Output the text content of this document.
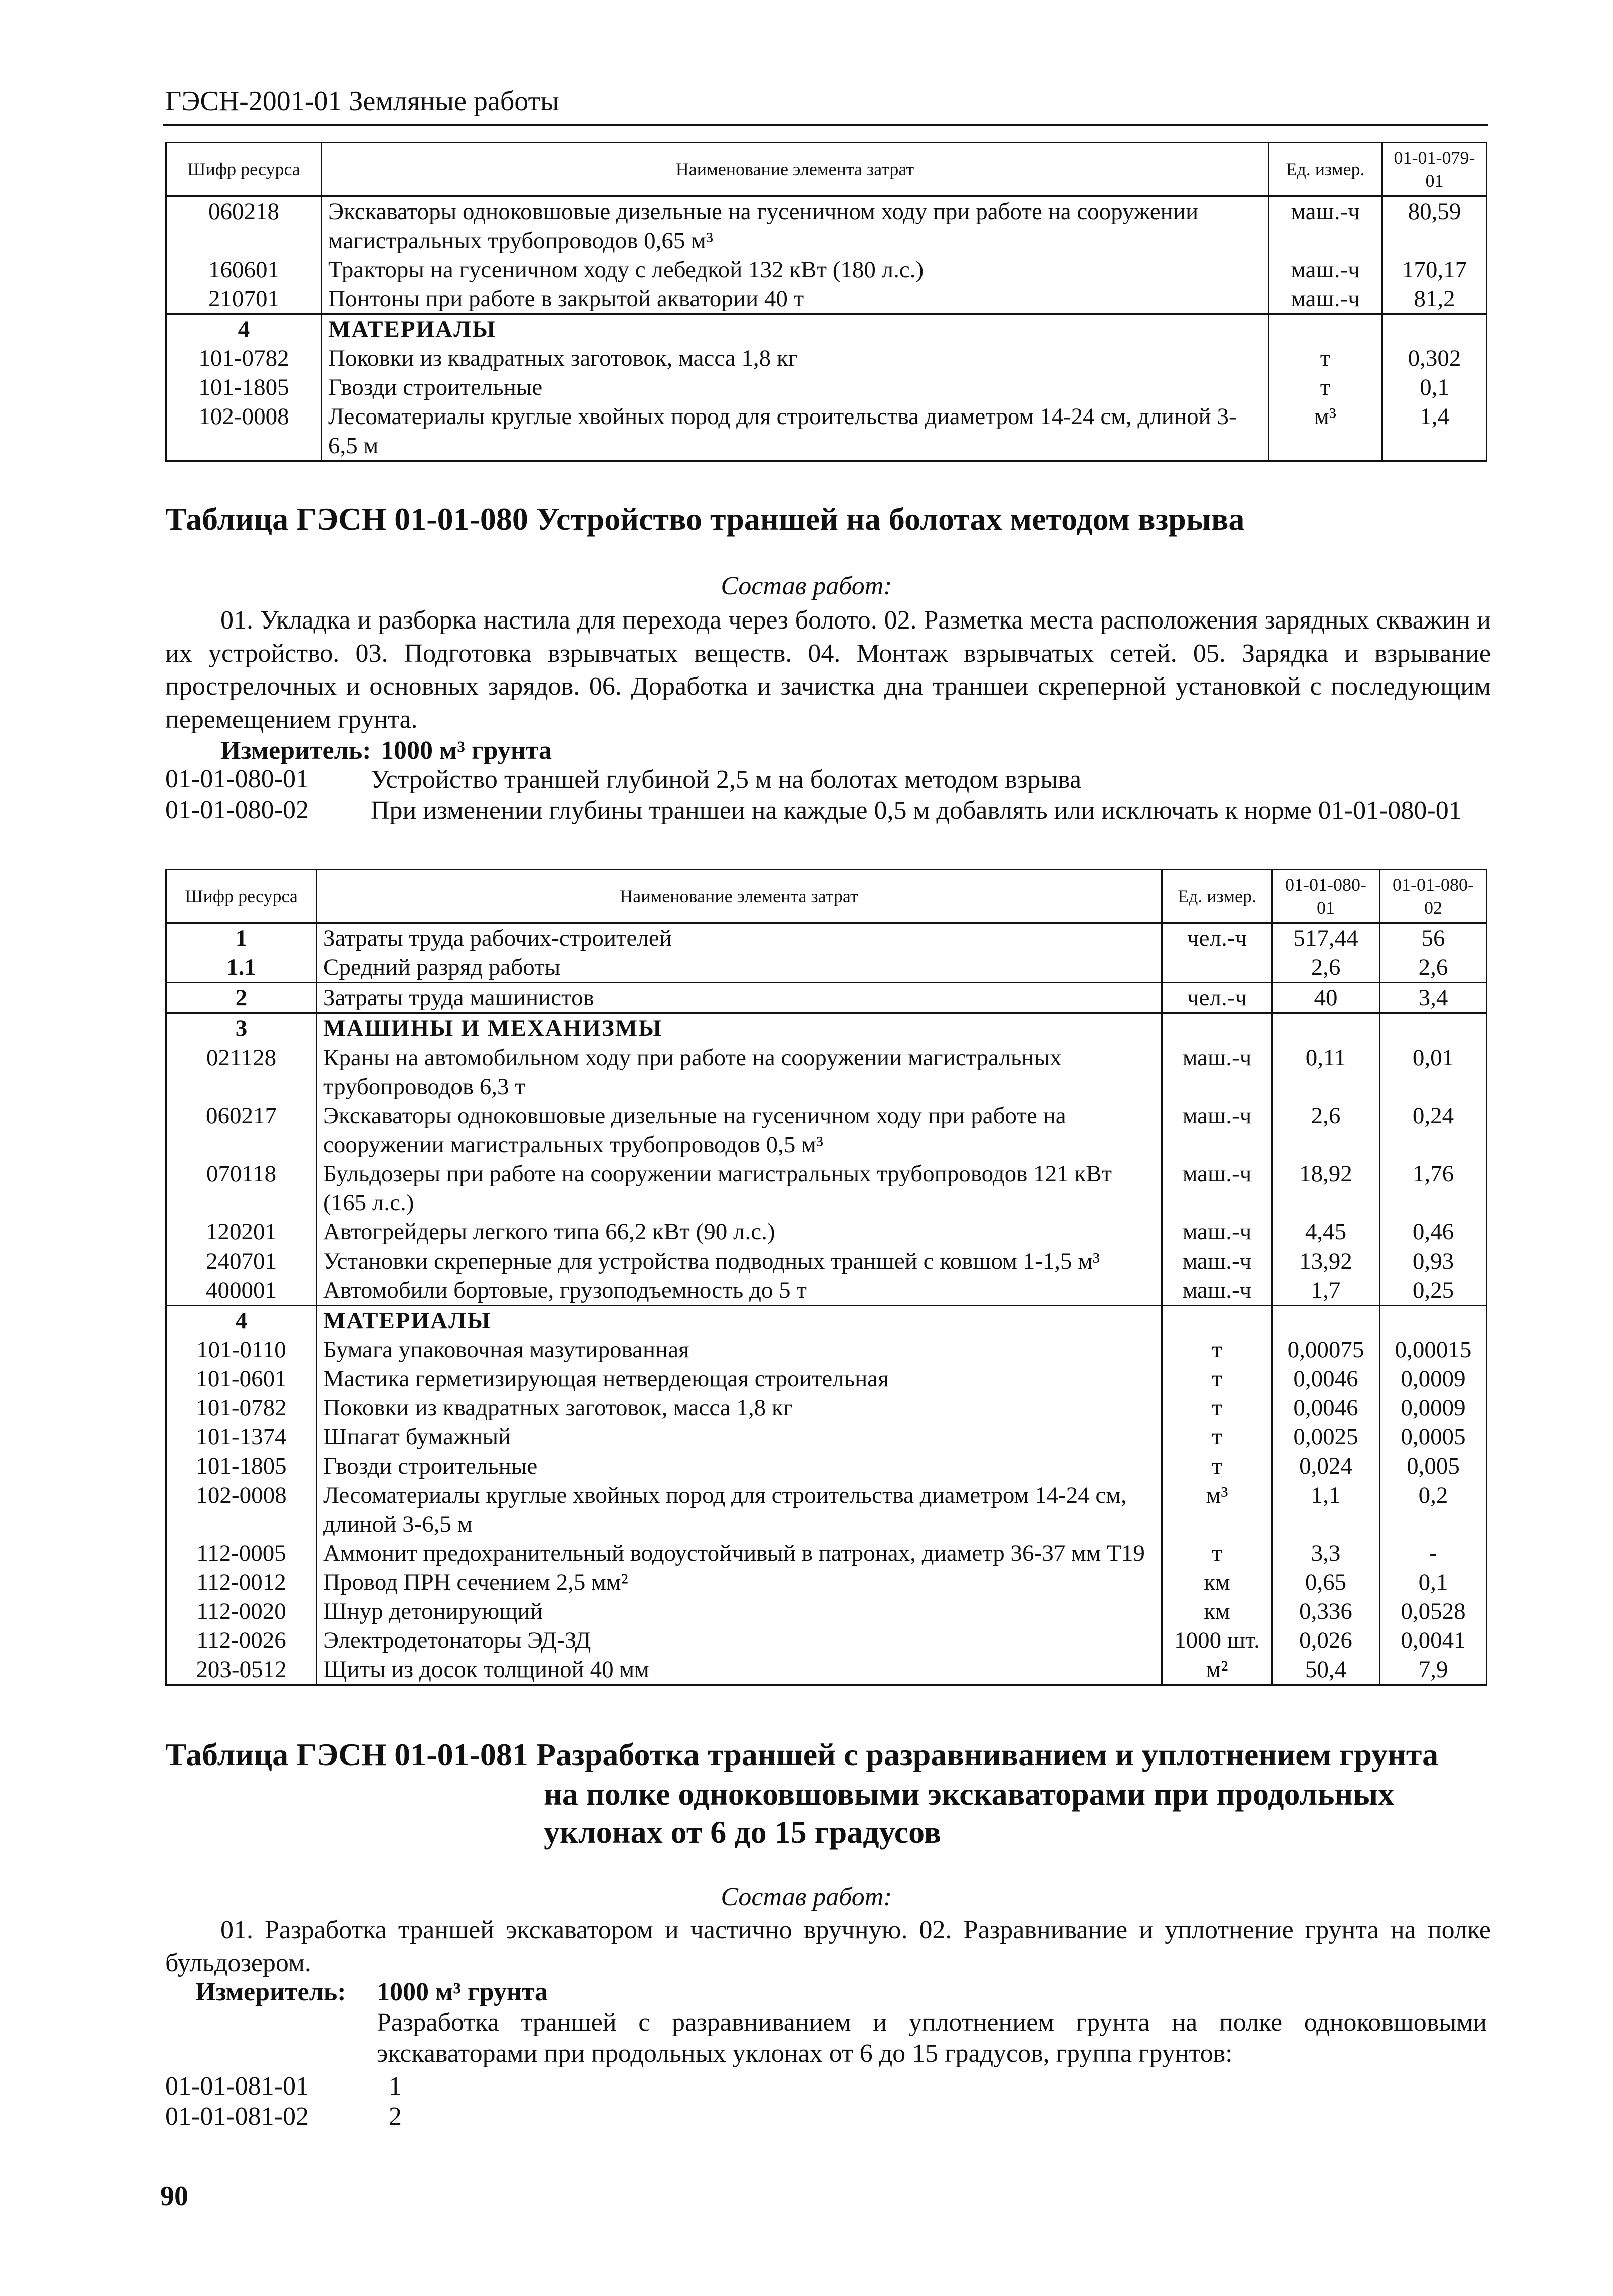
ГЭСН-2001-01 Земляные работы
Шифр ресурса	Наименование элемента затрат	Ед. измер.	01-01-079-01
060218	Экскаваторы одноковшовые дизельные на гусеничном ходу при работе на сооружении магистральных трубопроводов 0,65 м³	маш.-ч	80,59
160601	Тракторы на гусеничном ходу с лебедкой 132 кВт (180 л.с.)	маш.-ч	170,17
210701	Понтоны при работе в закрытой акватории 40 т	маш.-ч	81,2
4	МАТЕРИАЛЫ		
101-0782	Поковки из квадратных заготовок, масса 1,8 кг	т	0,302
101-1805	Гвозди строительные	т	0,1
102-0008	Лесоматериалы круглые хвойных пород для строительства диаметром 14-24 см, длиной 3-6,5 м	м³	1,4
Таблица ГЭСН 01-01-080 Устройство траншей на болотах методом взрыва
Состав работ:
01. Укладка и разборка настила для перехода через болото. 02. Разметка места расположения зарядных скважин и их устройство. 03. Подготовка взрывчатых веществ. 04. Монтаж взрывчатых сетей. 05. Зарядка и взрывание прострелочных и основных зарядов. 06. Доработка и зачистка дна траншеи скреперной установкой с последующим перемещением грунта.
Измеритель: 1000 м³ грунта
01-01-080-01 Устройство траншей глубиной 2,5 м на болотах методом взрыва
01-01-080-02 При изменении глубины траншеи на каждые 0,5 м добавлять или исключать к норме 01-01-080-01
Шифр ресурса	Наименование элемента затрат	Ед. измер.	01-01-080-01	01-01-080-02
1	Затраты труда рабочих-строителей	чел.-ч	517,44	56
1.1	Средний разряд работы		2,6	2,6
2	Затраты труда машинистов	чел.-ч	40	3,4
3	МАШИНЫ И МЕХАНИЗМЫ			
021128	Краны на автомобильном ходу при работе на сооружении магистральных трубопроводов 6,3 т	маш.-ч	0,11	0,01
060217	Экскаваторы одноковшовые дизельные на гусеничном ходу при работе на сооружении магистральных трубопроводов 0,5 м³	маш.-ч	2,6	0,24
070118	Бульдозеры при работе на сооружении магистральных трубопроводов 121 кВт (165 л.с.)	маш.-ч	18,92	1,76
120201	Автогрейдеры легкого типа 66,2 кВт (90 л.с.)	маш.-ч	4,45	0,46
240701	Установки скреперные для устройства подводных траншей с ковшом 1-1,5 м³	маш.-ч	13,92	0,93
400001	Автомобили бортовые, грузоподъемность до 5 т	маш.-ч	1,7	0,25
4	МАТЕРИАЛЫ			
101-0110	Бумага упаковочная мазутированная	т	0,00075	0,00015
101-0601	Мастика герметизирующая нетвердеющая строительная	т	0,0046	0,0009
101-0782	Поковки из квадратных заготовок, масса 1,8 кг	т	0,0046	0,0009
101-1374	Шпагат бумажный	т	0,0025	0,0005
101-1805	Гвозди строительные	т	0,024	0,005
102-0008	Лесоматериалы круглые хвойных пород для строительства диаметром 14-24 см, длиной 3-6,5 м	м³	1,1	0,2
112-0005	Аммонит предохранительный водоустойчивый в патронах, диаметр 36-37 мм Т19	т	3,3	-
112-0012	Провод ПРН сечением 2,5 мм²	км	0,65	0,1
112-0020	Шнур детонирующий	км	0,336	0,0528
112-0026	Электродетонаторы ЭД-ЗД	1000 шт.	0,026	0,0041
203-0512	Щиты из досок толщиной 40 мм	м²	50,4	7,9
Таблица ГЭСН 01-01-081 Разработка траншей с разравниванием и уплотнением грунта
на полке одноковшовыми экскаваторами при продольных
уклонах от 6 до 15 градусов
Состав работ:
01. Разработка траншей экскаватором и частично вручную. 02. Разравнивание и уплотнение грунта на полке бульдозером.
Измеритель: 1000 м³ грунта
Разработка траншей с разравниванием и уплотнением грунта на полке одноковшовыми экскаваторами при продольных уклонах от 6 до 15 градусов, группа грунтов:
01-01-081-01	1
01-01-081-02	2
90
